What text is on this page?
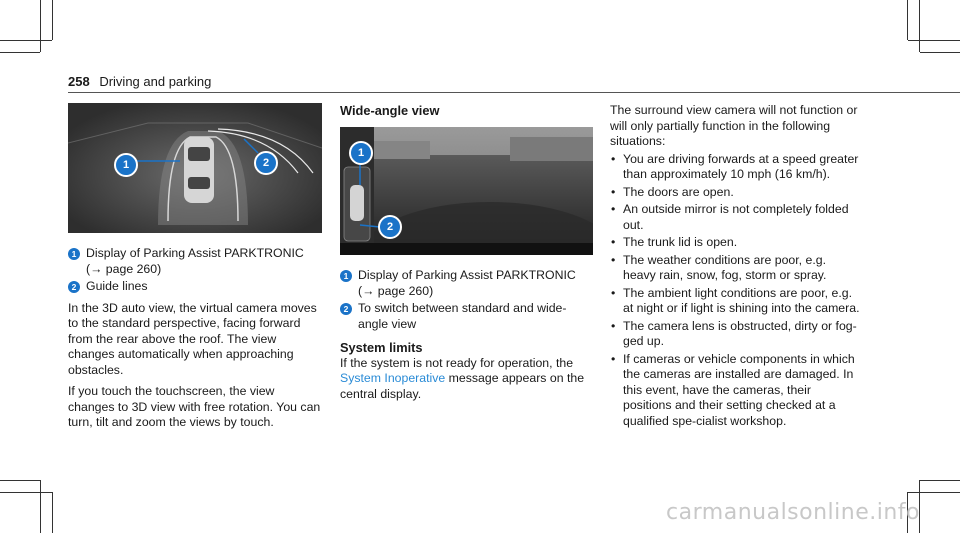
258 Driving and parking
1	2
1 Display of Parking Assist PARKTRONIC
(→ page 260)
2 Guide lines

In the 3D auto view, the virtual camera moves to the standard perspective, facing forward from the rear above the roof. The view changes automatically when approaching obstacles.

If you touch the touchscreen, the view changes to 3D view with free rotation. You can turn, tilt and zoom the views by touch.

Wide-angle view
1
2
1 Display of Parking Assist PARKTRONIC
(→ page 260)
2 To switch between standard and wide-angle view
System limits

If the system is not ready for operation, the System Inoperative message appears on the central display.

The surround view camera will not function or will only partially function in the following situations:

• You are driving forwards at a speed greater than approximately 10 mph (16 km/h).
• The doors are open.
• An outside mirror is not completely folded out.
• The trunk lid is open.
• The weather conditions are poor, e.g. heavy rain, snow, fog, storm or spray.
• The ambient light conditions are poor, e.g. at night or if light is shining into the camera.
• The camera lens is obstructed, dirty or fog-ged up.
• If cameras or vehicle components in which the cameras are installed are damaged. In this event, have the cameras, their positions and their setting checked at a qualified spe-cialist workshop.
carmanualsonline.info
